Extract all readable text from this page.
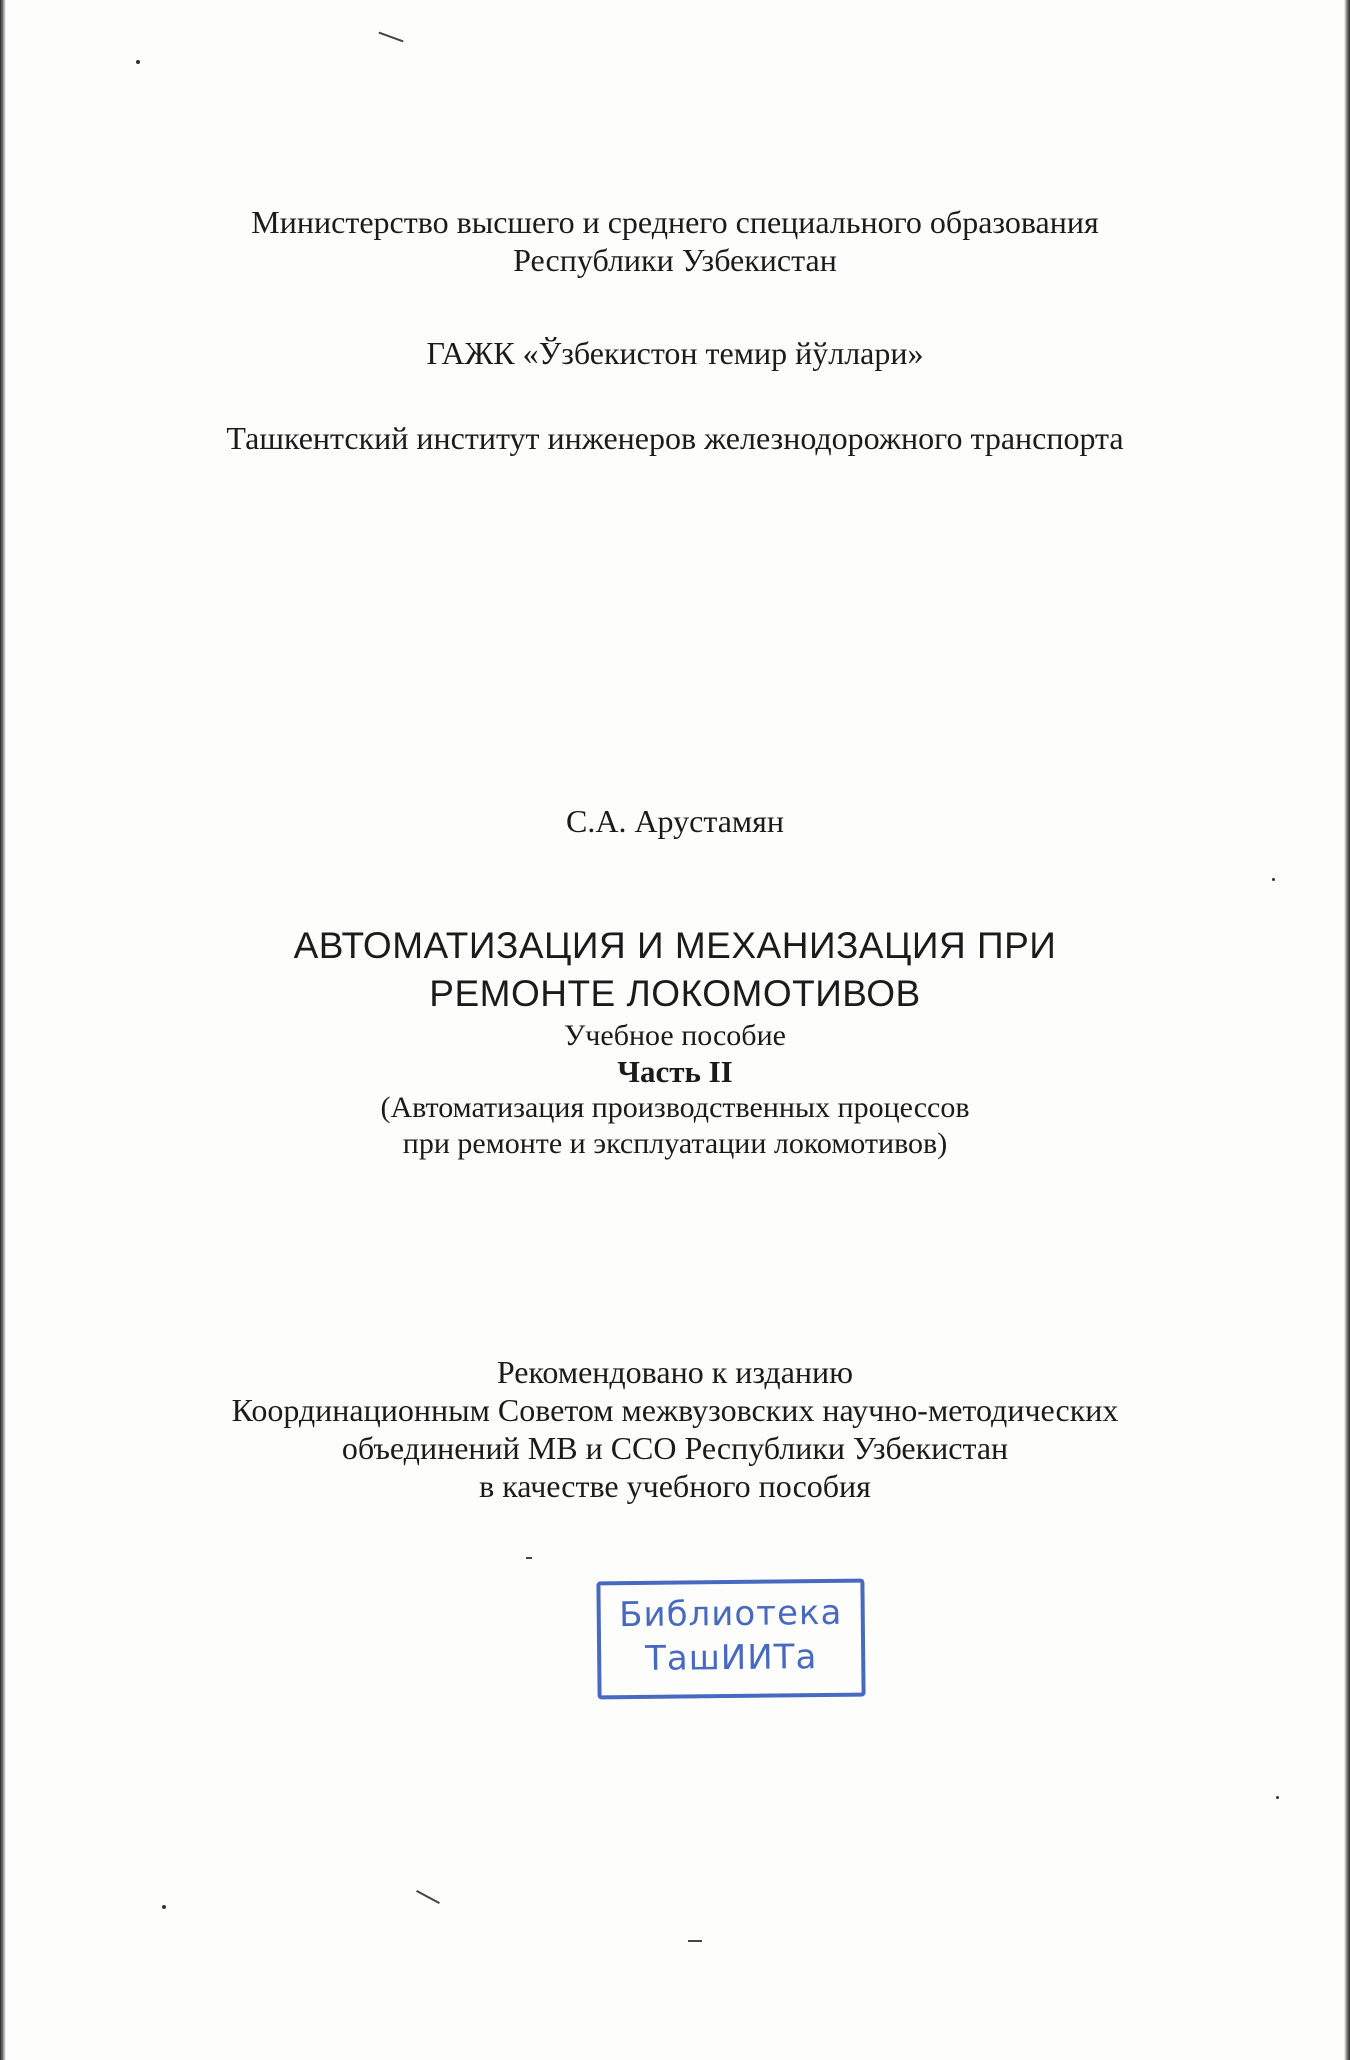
Министерство высшего и среднего специального образования
Республики Узбекистан
ГАЖК «Ўзбекистон темир йўллари»
Ташкентский институт инженеров железнодорожного транспорта
С.А. Арустамян
АВТОМАТИЗАЦИЯ И МЕХАНИЗАЦИЯ ПРИ
РЕМОНТЕ ЛОКОМОТИВОВ
Учебное пособие
Часть II
(Автоматизация производственных процессов
при ремонте и эксплуатации локомотивов)
Рекомендовано к изданию
Координационным Советом межвузовских научно-методических
объединений МВ и ССО Республики Узбекистан
в качестве учебного пособия
Библиотека
ТашИИТа
